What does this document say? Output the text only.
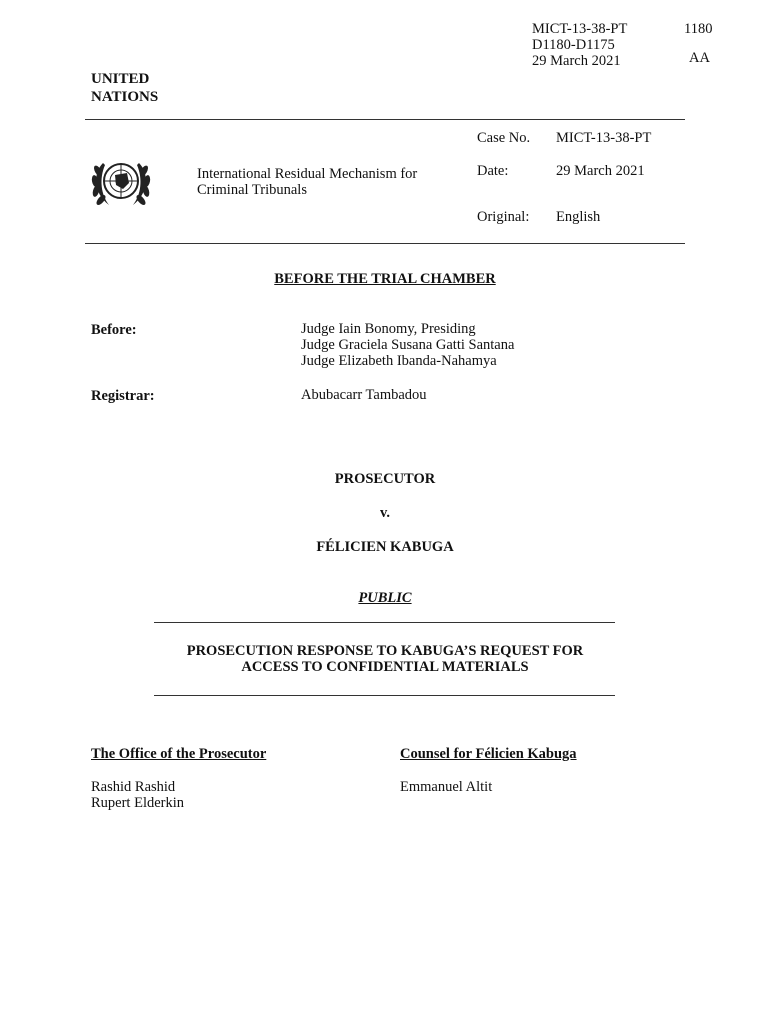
MICT-13-38-PT
D1180-D1175
29 March 2021
1180
AA
UNITED
NATIONS
International Residual Mechanism for
Criminal Tribunals
Case No. MICT-13-38-PT
Date:	29 March 2021
Original: English
BEFORE THE TRIAL CHAMBER
Before:	Judge Iain Bonomy, Presiding
Judge Graciela Susana Gatti Santana
Judge Elizabeth Ibanda-Nahamya
Registrar:	Abubacarr Tambadou
PROSECUTOR
v.
FÉLICIEN KABUGA
PUBLIC
PROSECUTION RESPONSE TO KABUGA’S REQUEST FOR
ACCESS TO CONFIDENTIAL MATERIALS
The Office of the Prosecutor
Rashid Rashid
Rupert Elderkin
Counsel for Félicien Kabuga
Emmanuel Altit
